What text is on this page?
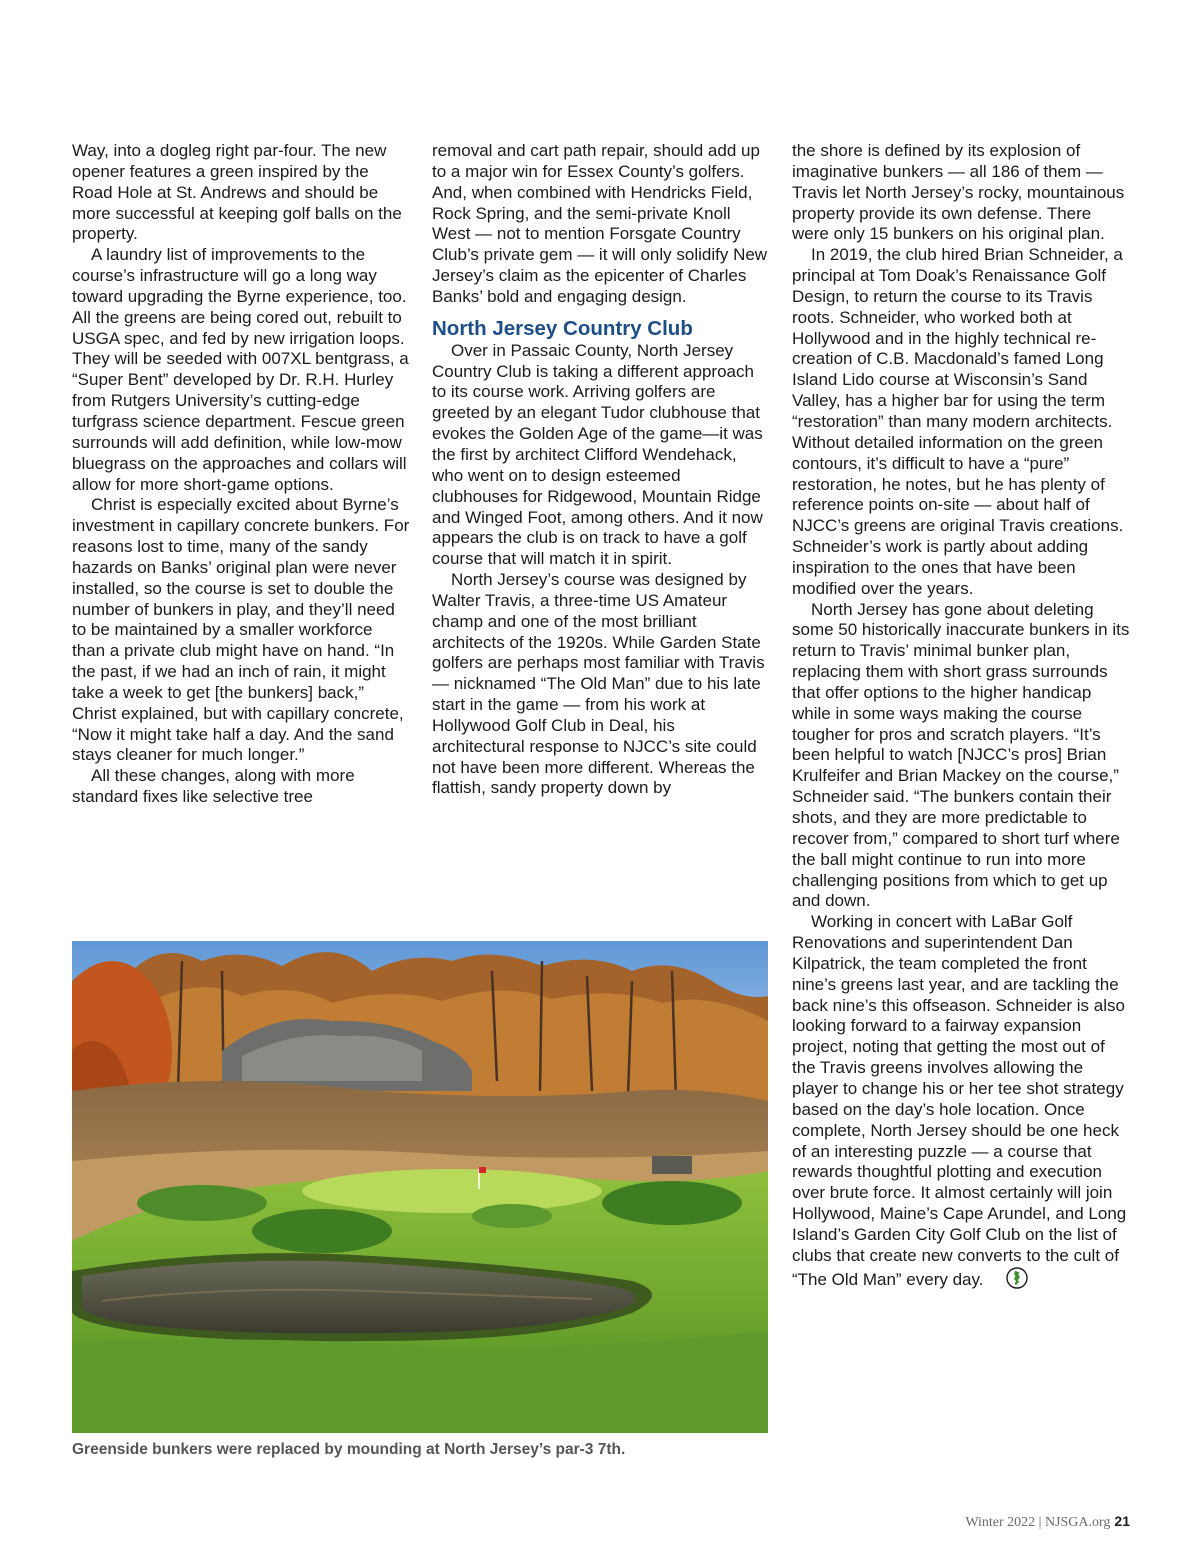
Way, into a dogleg right par-four. The new opener features a green inspired by the Road Hole at St. Andrews and should be more successful at keeping golf balls on the property.

A laundry list of improvements to the course’s infrastructure will go a long way toward upgrading the Byrne experience, too. All the greens are being cored out, rebuilt to USGA spec, and fed by new irrigation loops. They will be seeded with 007XL bentgrass, a “Super Bent” developed by Dr. R.H. Hurley from Rutgers University’s cutting-edge turfgrass science department. Fescue green surrounds will add definition, while low-mow bluegrass on the approaches and collars will allow for more short-game options.

Christ is especially excited about Byrne’s investment in capillary concrete bunkers. For reasons lost to time, many of the sandy hazards on Banks’ original plan were never installed, so the course is set to double the number of bunkers in play, and they’ll need to be maintained by a smaller workforce than a private club might have on hand. “In the past, if we had an inch of rain, it might take a week to get [the bunkers] back,” Christ explained, but with capillary concrete, “Now it might take half a day. And the sand stays cleaner for much longer.”

All these changes, along with more standard fixes like selective tree

removal and cart path repair, should add up to a major win for Essex County’s golfers. And, when combined with Hendricks Field, Rock Spring, and the semi-private Knoll West — not to mention Forsgate Country Club’s private gem — it will only solidify New Jersey’s claim as the epicenter of Charles Banks’ bold and engaging design.

North Jersey Country Club

Over in Passaic County, North Jersey Country Club is taking a different approach to its course work. Arriving golfers are greeted by an elegant Tudor clubhouse that evokes the Golden Age of the game—it was the first by architect Clifford Wendehack, who went on to design esteemed clubhouses for Ridgewood, Mountain Ridge and Winged Foot, among others. And it now appears the club is on track to have a golf course that will match it in spirit.

North Jersey’s course was designed by Walter Travis, a three-time US Amateur champ and one of the most brilliant architects of the 1920s. While Garden State golfers are perhaps most familiar with Travis — nicknamed “The Old Man” due to his late start in the game — from his work at Hollywood Golf Club in Deal, his architectural response to NJCC’s site could not have been more different. Whereas the flattish, sandy property down by

the shore is defined by its explosion of imaginative bunkers — all 186 of them — Travis let North Jersey’s rocky, mountainous property provide its own defense. There were only 15 bunkers on his original plan.

In 2019, the club hired Brian Schneider, a principal at Tom Doak’s Renaissance Golf Design, to return the course to its Travis roots. Schneider, who worked both at Hollywood and in the highly technical re-creation of C.B. Macdonald’s famed Long Island Lido course at Wisconsin’s Sand Valley, has a higher bar for using the term “restoration” than many modern architects. Without detailed information on the green contours, it’s difficult to have a “pure” restoration, he notes, but he has plenty of reference points on-site — about half of NJCC’s greens are original Travis creations. Schneider’s work is partly about adding inspiration to the ones that have been modified over the years.

North Jersey has gone about deleting some 50 historically inaccurate bunkers in its return to Travis’ minimal bunker plan, replacing them with short grass surrounds that offer options to the higher handicap while in some ways making the course tougher for pros and scratch players. “It’s been helpful to watch [NJCC’s pros] Brian Krulfeifer and Brian Mackey on the course,” Schneider said. “The bunkers contain their shots, and they are more predictable to recover from,” compared to short turf where the ball might continue to run into more challenging positions from which to get up and down.

Working in concert with LaBar Golf Renovations and superintendent Dan Kilpatrick, the team completed the front nine’s greens last year, and are tackling the back nine’s this offseason. Schneider is also looking forward to a fairway expansion project, noting that getting the most out of the Travis greens involves allowing the player to change his or her tee shot strategy based on the day’s hole location. Once complete, North Jersey should be one heck of an interesting puzzle — a course that rewards thoughtful plotting and execution over brute force. It almost certainly will join Hollywood, Maine’s Cape Arundel, and Long Island’s Garden City Golf Club on the list of clubs that create new converts to the cult of “The Old Man” every day.

Greenside bunkers were replaced by mounding at North Jersey’s par-3 7th.
Winter 2022 | NJSGA.org 21
